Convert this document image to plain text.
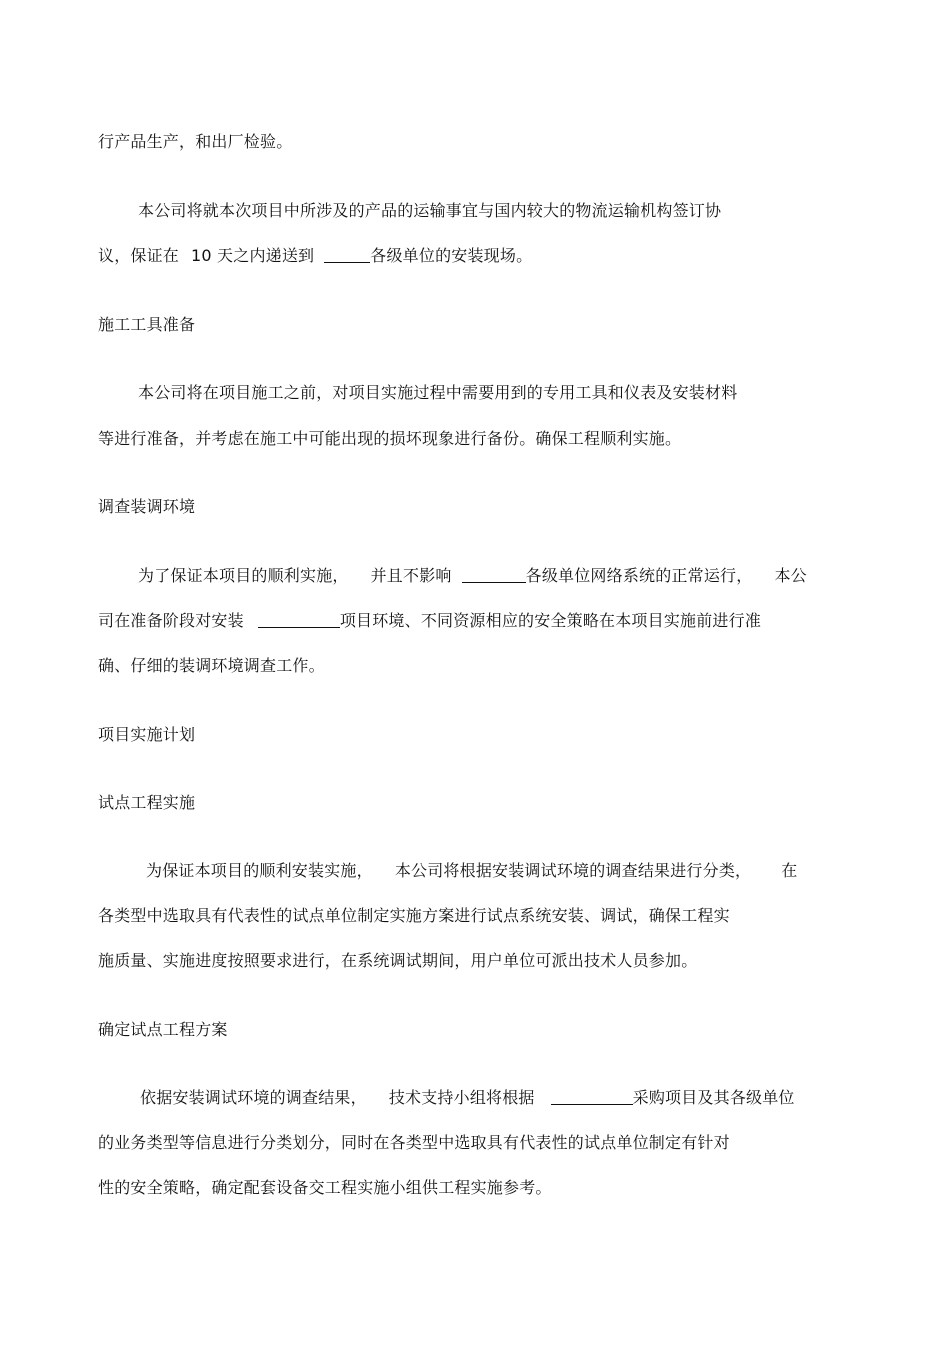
行产品生产，和出厂检验。
本公司将就本次项目中所涉及的产品的运输事宜与国内较大的物流运输机构签订协
议，保证在 10 天之内递送到	各级单位的安装现场。
施工工具准备
本公司将在项目施工之前，对项目实施过程中需要用到的专用工具和仪表及安装材料
等进行准备，并考虑在施工中可能出现的损坏现象进行备份。确保工程顺利实施。
调查装调环境
为了保证本项目的顺利实施， 并且不影响	各级单位网络系统的正常运行， 本公
司在准备阶段对安装	项目环境、不同资源相应的安全策略在本项目实施前进行准
确、仔细的装调环境调查工作。
项目实施计划
试点工程实施
为保证本项目的顺利安装实施， 本公司将根据安装调试环境的调查结果进行分类， 在
各类型中选取具有代表性的试点单位制定实施方案进行试点系统安装、调试，确保工程实
施质量、实施进度按照要求进行，在系统调试期间，用户单位可派出技术人员参加。
确定试点工程方案
依据安装调试环境的调查结果， 技术支持小组将根据	采购项目及其各级单位
的业务类型等信息进行分类划分，同时在各类型中选取具有代表性的试点单位制定有针对
性的安全策略，确定配套设备交工程实施小组供工程实施参考。
